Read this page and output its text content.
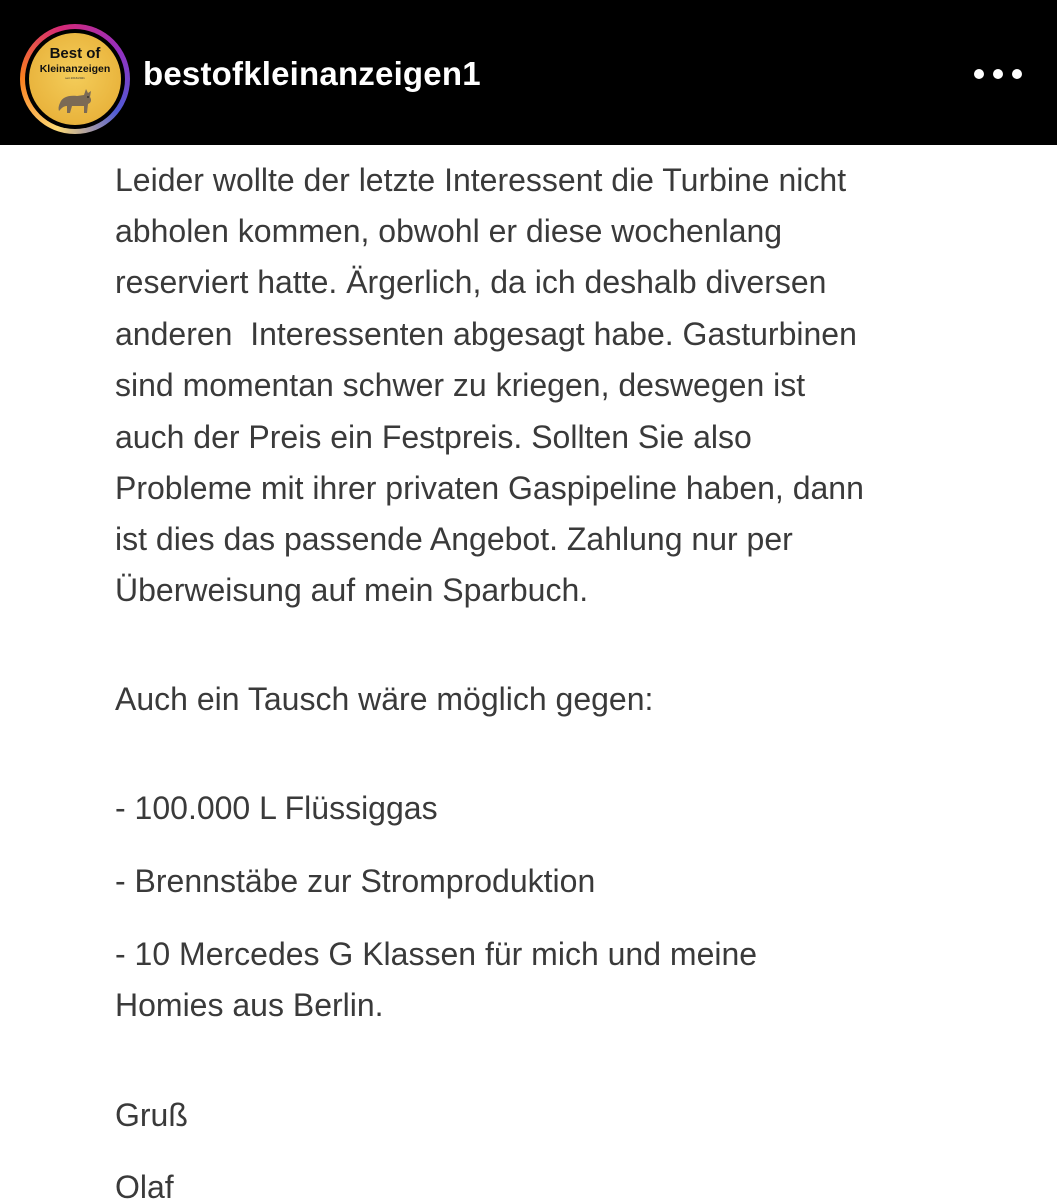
Best of
Kleinanzeigen
seit 2016/2021	bestofkleinanzeigen1

Leider wollte der letzte Interessent die Turbine nicht

abholen kommen, obwohl er diese wochenlang

reserviert hatte. Ärgerlich, da ich deshalb diversen

anderen  Interessenten abgesagt habe. Gasturbinen

sind momentan schwer zu kriegen, deswegen ist

auch der Preis ein Festpreis. Sollten Sie also

Probleme mit ihrer privaten Gaspipeline haben, dann

ist dies das passende Angebot. Zahlung nur per

Überweisung auf mein Sparbuch.

Auch ein Tausch wäre möglich gegen:

- 100.000 L Flüssiggas

- Brennstäbe zur Stromproduktion

- 10 Mercedes G Klassen für mich und meine

Homies aus Berlin.

Gruß

Olaf
